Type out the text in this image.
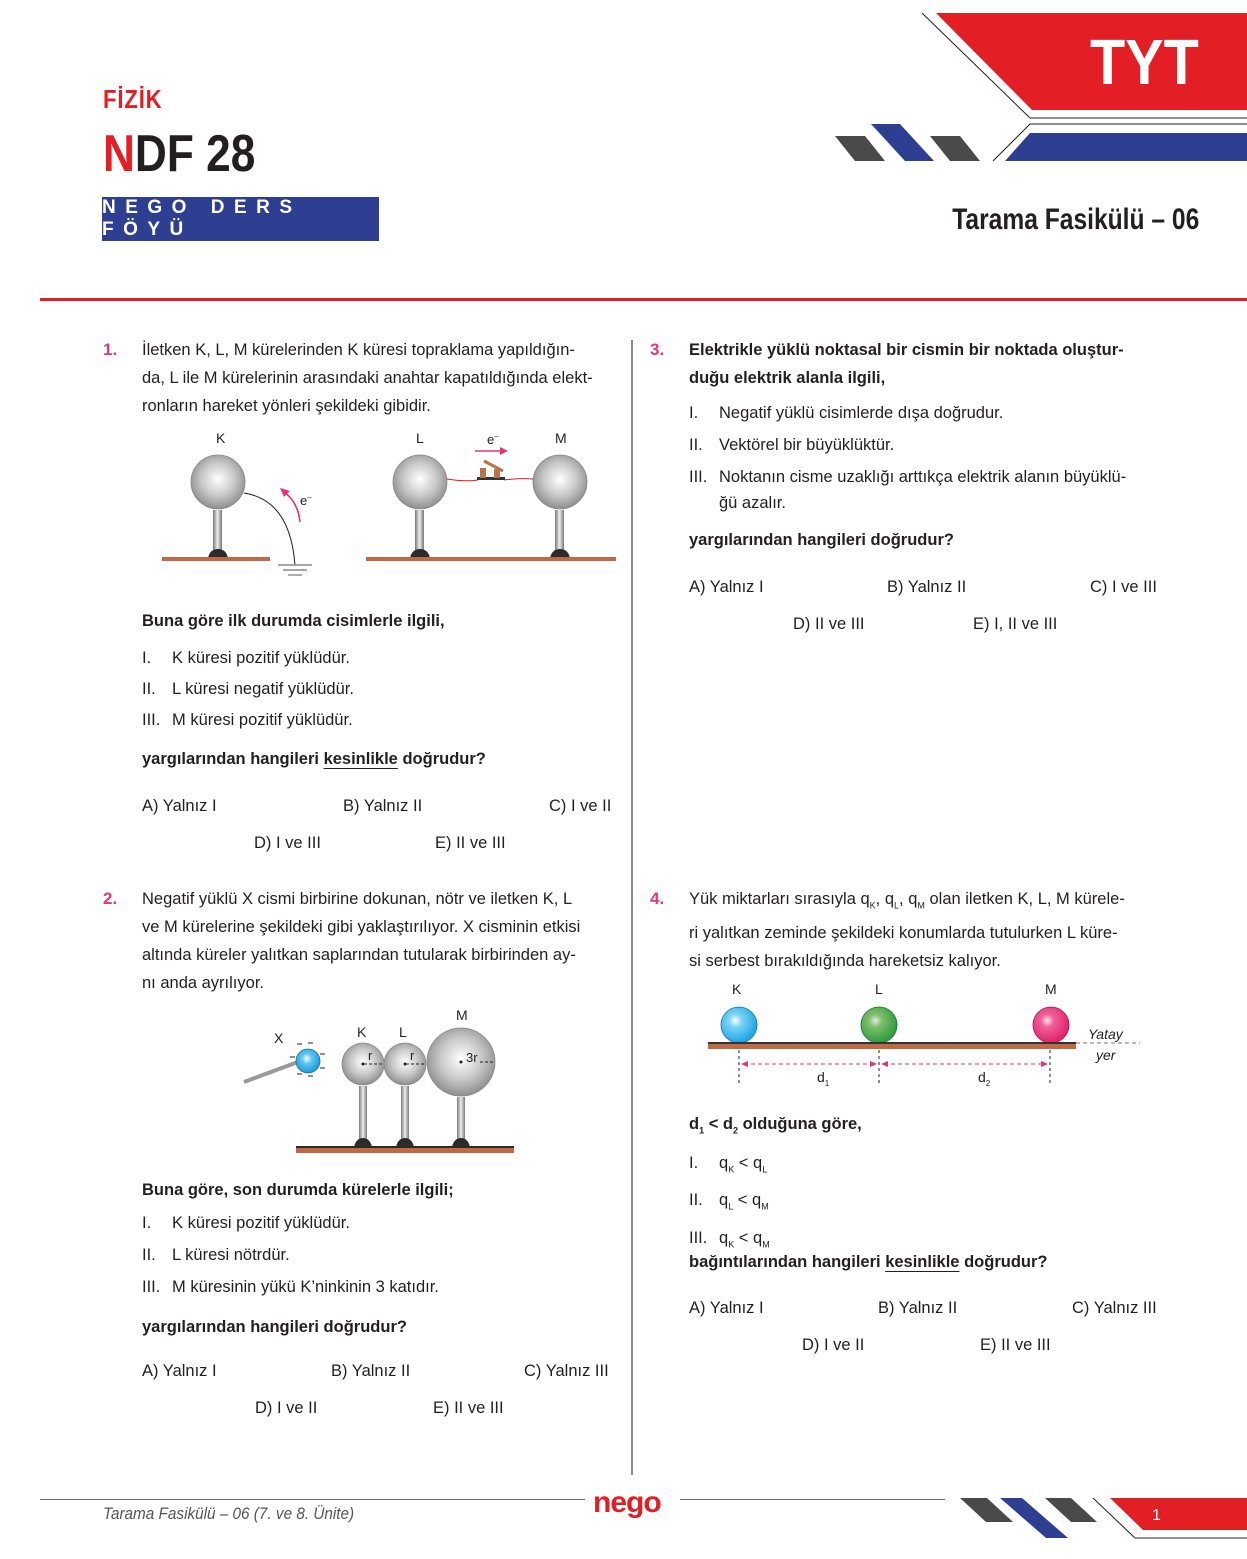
FİZİK
NDF 28
NEGO DERS FÖYÜ
TYT
Tarama Fasikülü – 06
1. İletken K, L, M kürelerinden K küresi topraklama yapıldığın-
da, L ile M kürelerinin arasındaki anahtar kapatıldığında elekt-
ronların hareket yönleri şekildeki gibidir.
K
e–
L	M
e–
Buna göre ilk durumda cisimlerle ilgili,
I.	K küresi pozitif yüklüdür.
II. L küresi negatif yüklüdür.
III. M küresi pozitif yüklüdür.
yargılarından hangileri kesinlikle doğrudur?
A) Yalnız I	B) Yalnız II	C) I ve II
D) I ve III	E) II ve III
2. Negatif yüklü X cismi birbirine dokunan, nötr ve iletken K, L
ve M kürelerine şekildeki gibi yaklaştırılıyor. X cisminin etkisi
altında küreler yalıtkan saplarından tutularak birbirinden ay-
nı anda ayrılıyor.
X	K L
M
r	r	3r
Buna göre, son durumda kürelerle ilgili;
I.	K küresi pozitif yüklüdür.
II. L küresi nötrdür.
III. M küresinin yükü K’ninkinin 3 katıdır.
yargılarından hangileri doğrudur?
A) Yalnız I	B) Yalnız II	C) Yalnız III
D) I ve II	E) II ve III
3. Elektrikle yüklü noktasal bir cismin bir noktada oluştur-
duğu elektrik alanla ilgili,
I.	Negatif yüklü cisimlerde dışa doğrudur.
II. Vektörel bir büyüklüktür.
III. Noktanın cisme uzaklığı arttıkça elektrik alanın büyüklü-
ğü azalır.
yargılarından hangileri doğrudur?
A) Yalnız I	B) Yalnız II	C) I ve III
D) II ve III	E) I, II ve III
4. Yük miktarları sırasıyla $q_K$, $q_L$, $q_M$ olan iletken K, L, M kürele-
ri yalıtkan zeminde şekildeki konumlarda tutulurken L küre-
si serbest bırakıldığında hareketsiz kalıyor.
K	L	M
Yatay
yer
$d_1$	$d_2$
$d_1 < d_2$ olduğuna göre,
I.	$q_K < q_L$
II. $q_L < q_M$
III. $q_K < q_M$
bağıntılarından hangileri kesinlikle doğrudur?
A) Yalnız I	B) Yalnız II	C) Yalnız III
D) I ve II	E) II ve III
Tarama Fasikülü – 06 (7. ve 8. Ünite)	nego	1
